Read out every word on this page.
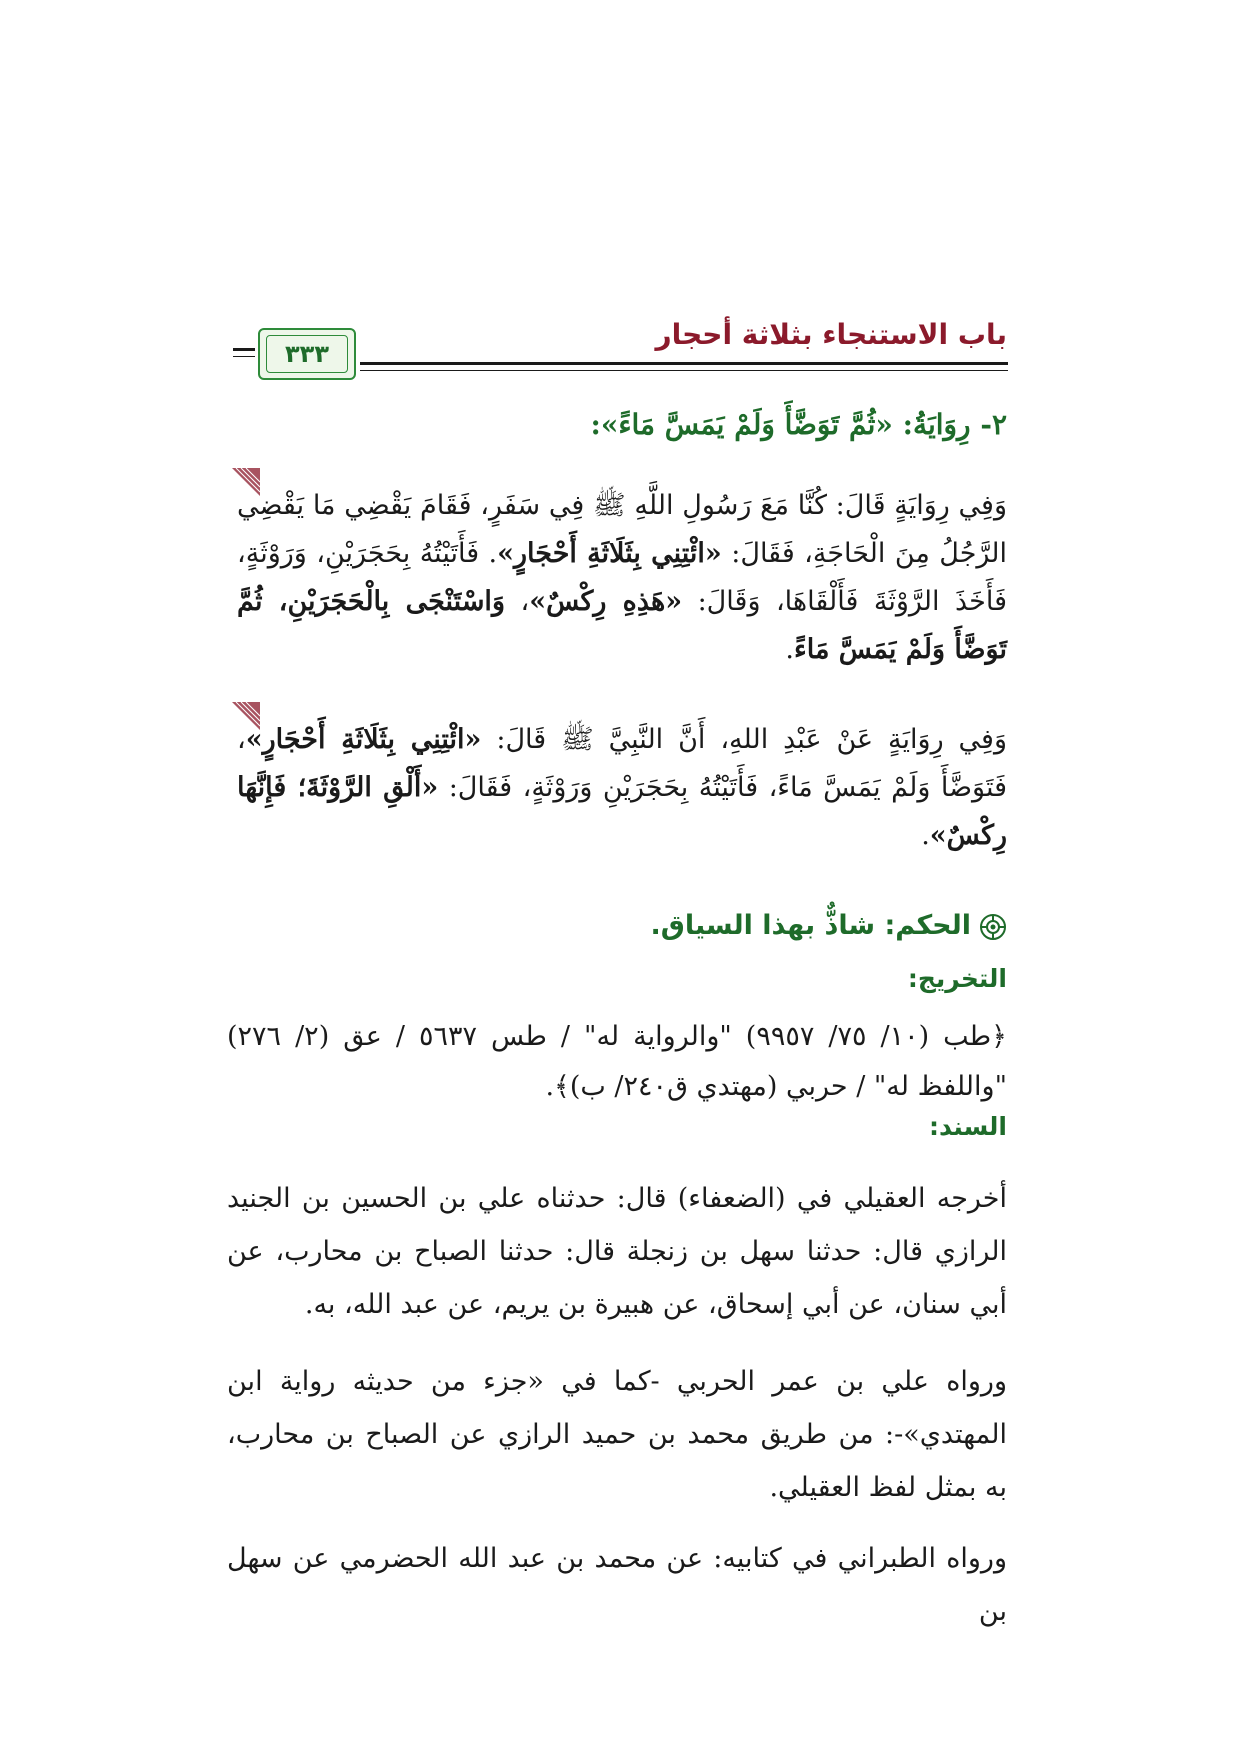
باب الاستنجاء بثلاثة أحجار
٣٣٣
٢- رِوَايَةُ: «ثُمَّ تَوَضَّأَ وَلَمْ يَمَسَّ مَاءً»:
وَفِي رِوَايَةٍ قَالَ: كُنَّا مَعَ رَسُولِ اللَّهِ ﷺ فِي سَفَرٍ، فَقَامَ يَقْضِي مَا يَقْضِي الرَّجُلُ مِنَ الْحَاجَةِ، فَقَالَ: «ائْتِنِي بِثَلَاثَةِ أَحْجَارٍ». فَأَتَيْتُهُ بِحَجَرَيْنِ، وَرَوْثَةٍ، فَأَخَذَ الرَّوْثَةَ فَأَلْقَاهَا، وَقَالَ: «هَذِهِ رِكْسٌ»، وَاسْتَنْجَى بِالْحَجَرَيْنِ، ثُمَّ تَوَضَّأَ وَلَمْ يَمَسَّ مَاءً.
وَفِي رِوَايَةٍ عَنْ عَبْدِ اللهِ، أَنَّ النَّبِيَّ ﷺ قَالَ: «ائْتِنِي بِثَلَاثَةِ أَحْجَارٍ»، فَتَوَضَّأَ وَلَمْ يَمَسَّ مَاءً، فَأَتَيْتُهُ بِحَجَرَيْنِ وَرَوْثَةٍ، فَقَالَ: «أَلْقِ الرَّوْثَةَ؛ فَإِنَّهَا رِكْسٌ».
الحكم: شاذٌّ بهذا السياق.
التخريج:
﴿طب (١٠/ ٧٥/ ٩٩٥٧) "والرواية له" / طس ٥٦٣٧ / عق (٢/ ٢٧٦) "واللفظ له" / حربي (مهتدي ق٢٤٠/ ب)﴾.
السند:
أخرجه العقيلي في (الضعفاء) قال: حدثناه علي بن الحسين بن الجنيد الرازي قال: حدثنا سهل بن زنجلة قال: حدثنا الصباح بن محارب، عن أبي سنان، عن أبي إسحاق، عن هبيرة بن يريم، عن عبد الله، به.
ورواه علي بن عمر الحربي -كما في «جزء من حديثه رواية ابن المهتدي»-: من طريق محمد بن حميد الرازي عن الصباح بن محارب، به بمثل لفظ العقيلي.
ورواه الطبراني في كتابيه: عن محمد بن عبد الله الحضرمي عن سهل بن
